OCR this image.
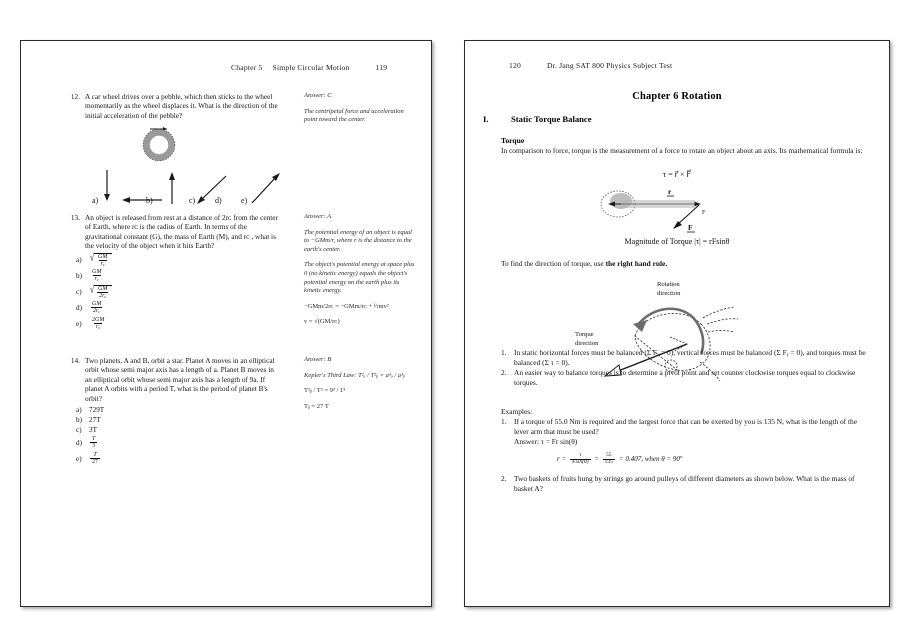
Chapter 5 Simple Circular Motion	119
12. A car wheel drives over a pebble, which then sticks to the wheel momentarily as the wheel displaces it. What is the direction of the initial acceleration of the pebble?
a)	b)	c) d) e)

Answer: C

The centripetal force and acceleration point toward the center.

13. An object is released from rest at a distance of 2rᴄ from the center of Earth, where rᴄ is the radius of Earth. In terms of the gravitational constant (G), the mass of Earth (M), and rᴄ , what is the velocity of the object when it hits Earth?
a) √ $\frac{GM}{r_c}$
b)	$\frac{GM}{r_c}$
c) √ $\frac{GM}{2r_c}$
d)	$\frac{GM}{2r_c}$
e)	$\frac{2GM}{r_c}$

Answer: A

The potential energy of an object is equal to −GMm/r, where r is the distance to the earth's center.

The object's potential energy at space plus 0 (no kinetic energy) equals the object's potential energy on the earth plus its kinetic energy.

−GMm/2rᴄ = −GMm/rᴄ + ½mv²

v = √(GM/rᴄ)

14. Two planets, A and B, orbit a star. Planet A moves in an elliptical orbit whose semi major axis has a length of a. Planet B moves in an elliptical orbit whose semi major axis has a length of 9a. If planet A orbits with a period T, what is the period of planet B's orbit?
a)	729T
b) 27T
c)	3T
d)	$\frac{T}{3}$
e)	$\frac{T}{27}$

Answer: B

Kepler's Third Law: T²ₐ / T²ᵦ = a³ₐ / a³ᵦ

T²ᵦ / T² = 9³ / 1³

Tᵦ = 27 T

120	Dr. Jang SAT 800 Physics Subject Test
Chapter 6 Rotation
I.	Static Torque Balance
Torque
In comparison to force, torque is the measurement of a force to rotate an object about an axis. Its mathematical formula is:
τ = r⃗ × F⃗
r
F
F
Magnitude of Torque |τ| = rFsinθ
To find the direction of torque, use the right hand rule.
Rotation
direction
Torque
direction
1.	In static horizontal forces must be balanced (Σ Fₓ = 0), vertical forces must be balanced (Σ Fᵧ = 0), and torques must be balanced (Σ τ = 0).
2.	An easier way to balance torques is to determine a pivot point and set counter clockwise torques equal to clockwise torques.
Examples:
1.	If a torque of 55.0 Nm is required and the largest force that can be exerted by you is 135 N, what is the length of the lever arm that must be used?
Answer: τ = Fr sin(θ)
$r = \frac{\tau}{Fsin(\theta)} = \frac{55}{135} = 0.407$, when θ = 90º
2.	Two baskets of fruits hung by strings go around pulleys of different diameters as shown below. What is the mass of basket A?
